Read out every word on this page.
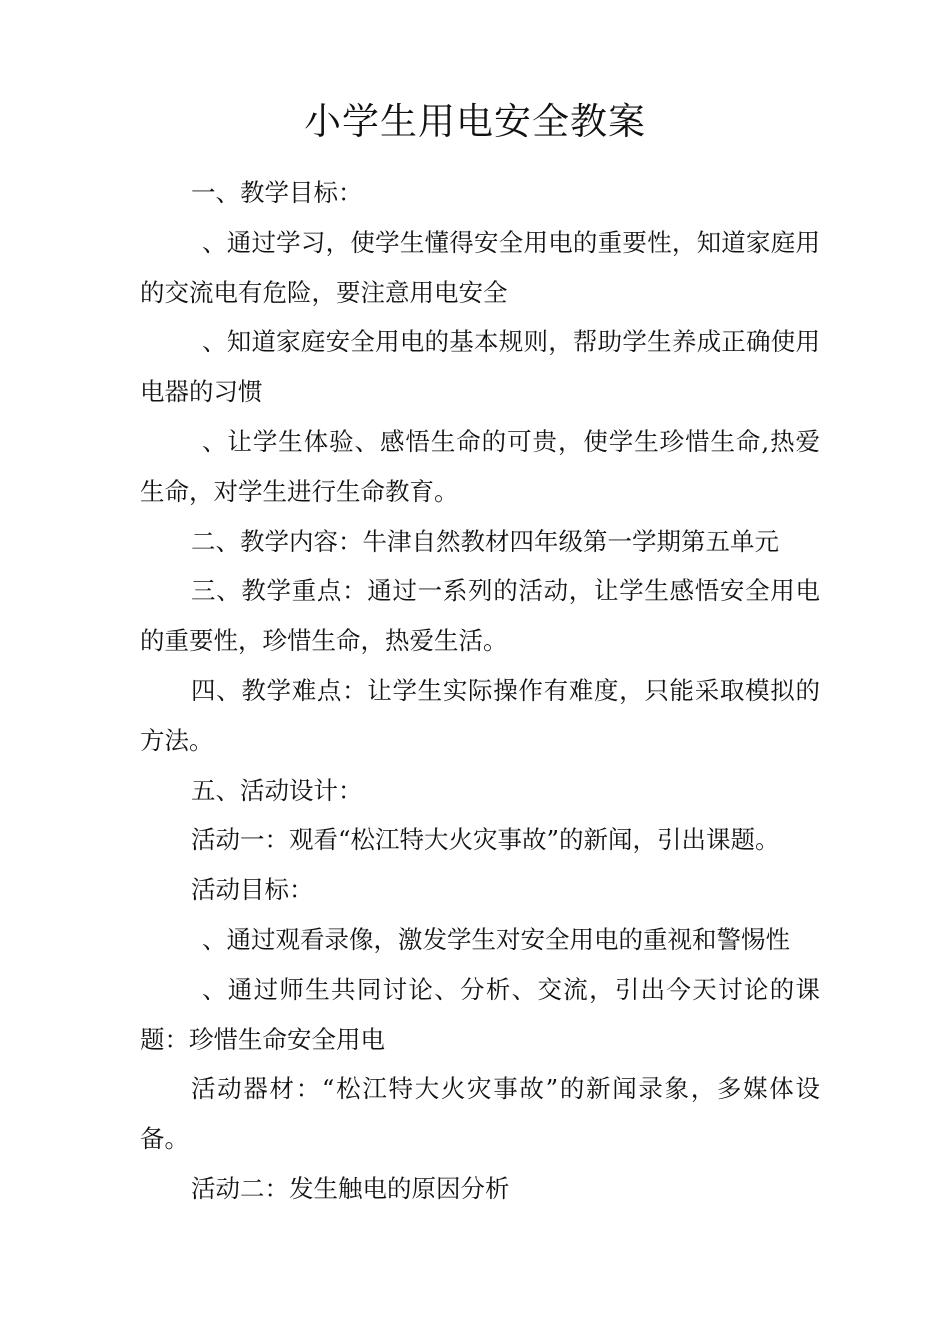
小学生用电安全教案

一、教学目标：

、通过学习，使学生懂得安全用电的重要性，知道家庭用的交流电有危险，要注意用电安全

、知道家庭安全用电的基本规则，帮助学生养成正确使用电器的习惯

、让学生体验、感悟生命的可贵，使学生珍惜生命,热爱生命，对学生进行生命教育。

二、教学内容：牛津自然教材四年级第一学期第五单元

三、教学重点：通过一系列的活动，让学生感悟安全用电的重要性，珍惜生命，热爱生活。

四、教学难点：让学生实际操作有难度，只能采取模拟的方法。

五、活动设计：

活动一：观看“松江特大火灾事故”的新闻，引出课题。

活动目标：

、通过观看录像，激发学生对安全用电的重视和警惕性

、通过师生共同讨论、分析、交流，引出今天讨论的课题：珍惜生命安全用电

活动器材：“松江特大火灾事故”的新闻录象，多媒体设备。

活动二：发生触电的原因分析
